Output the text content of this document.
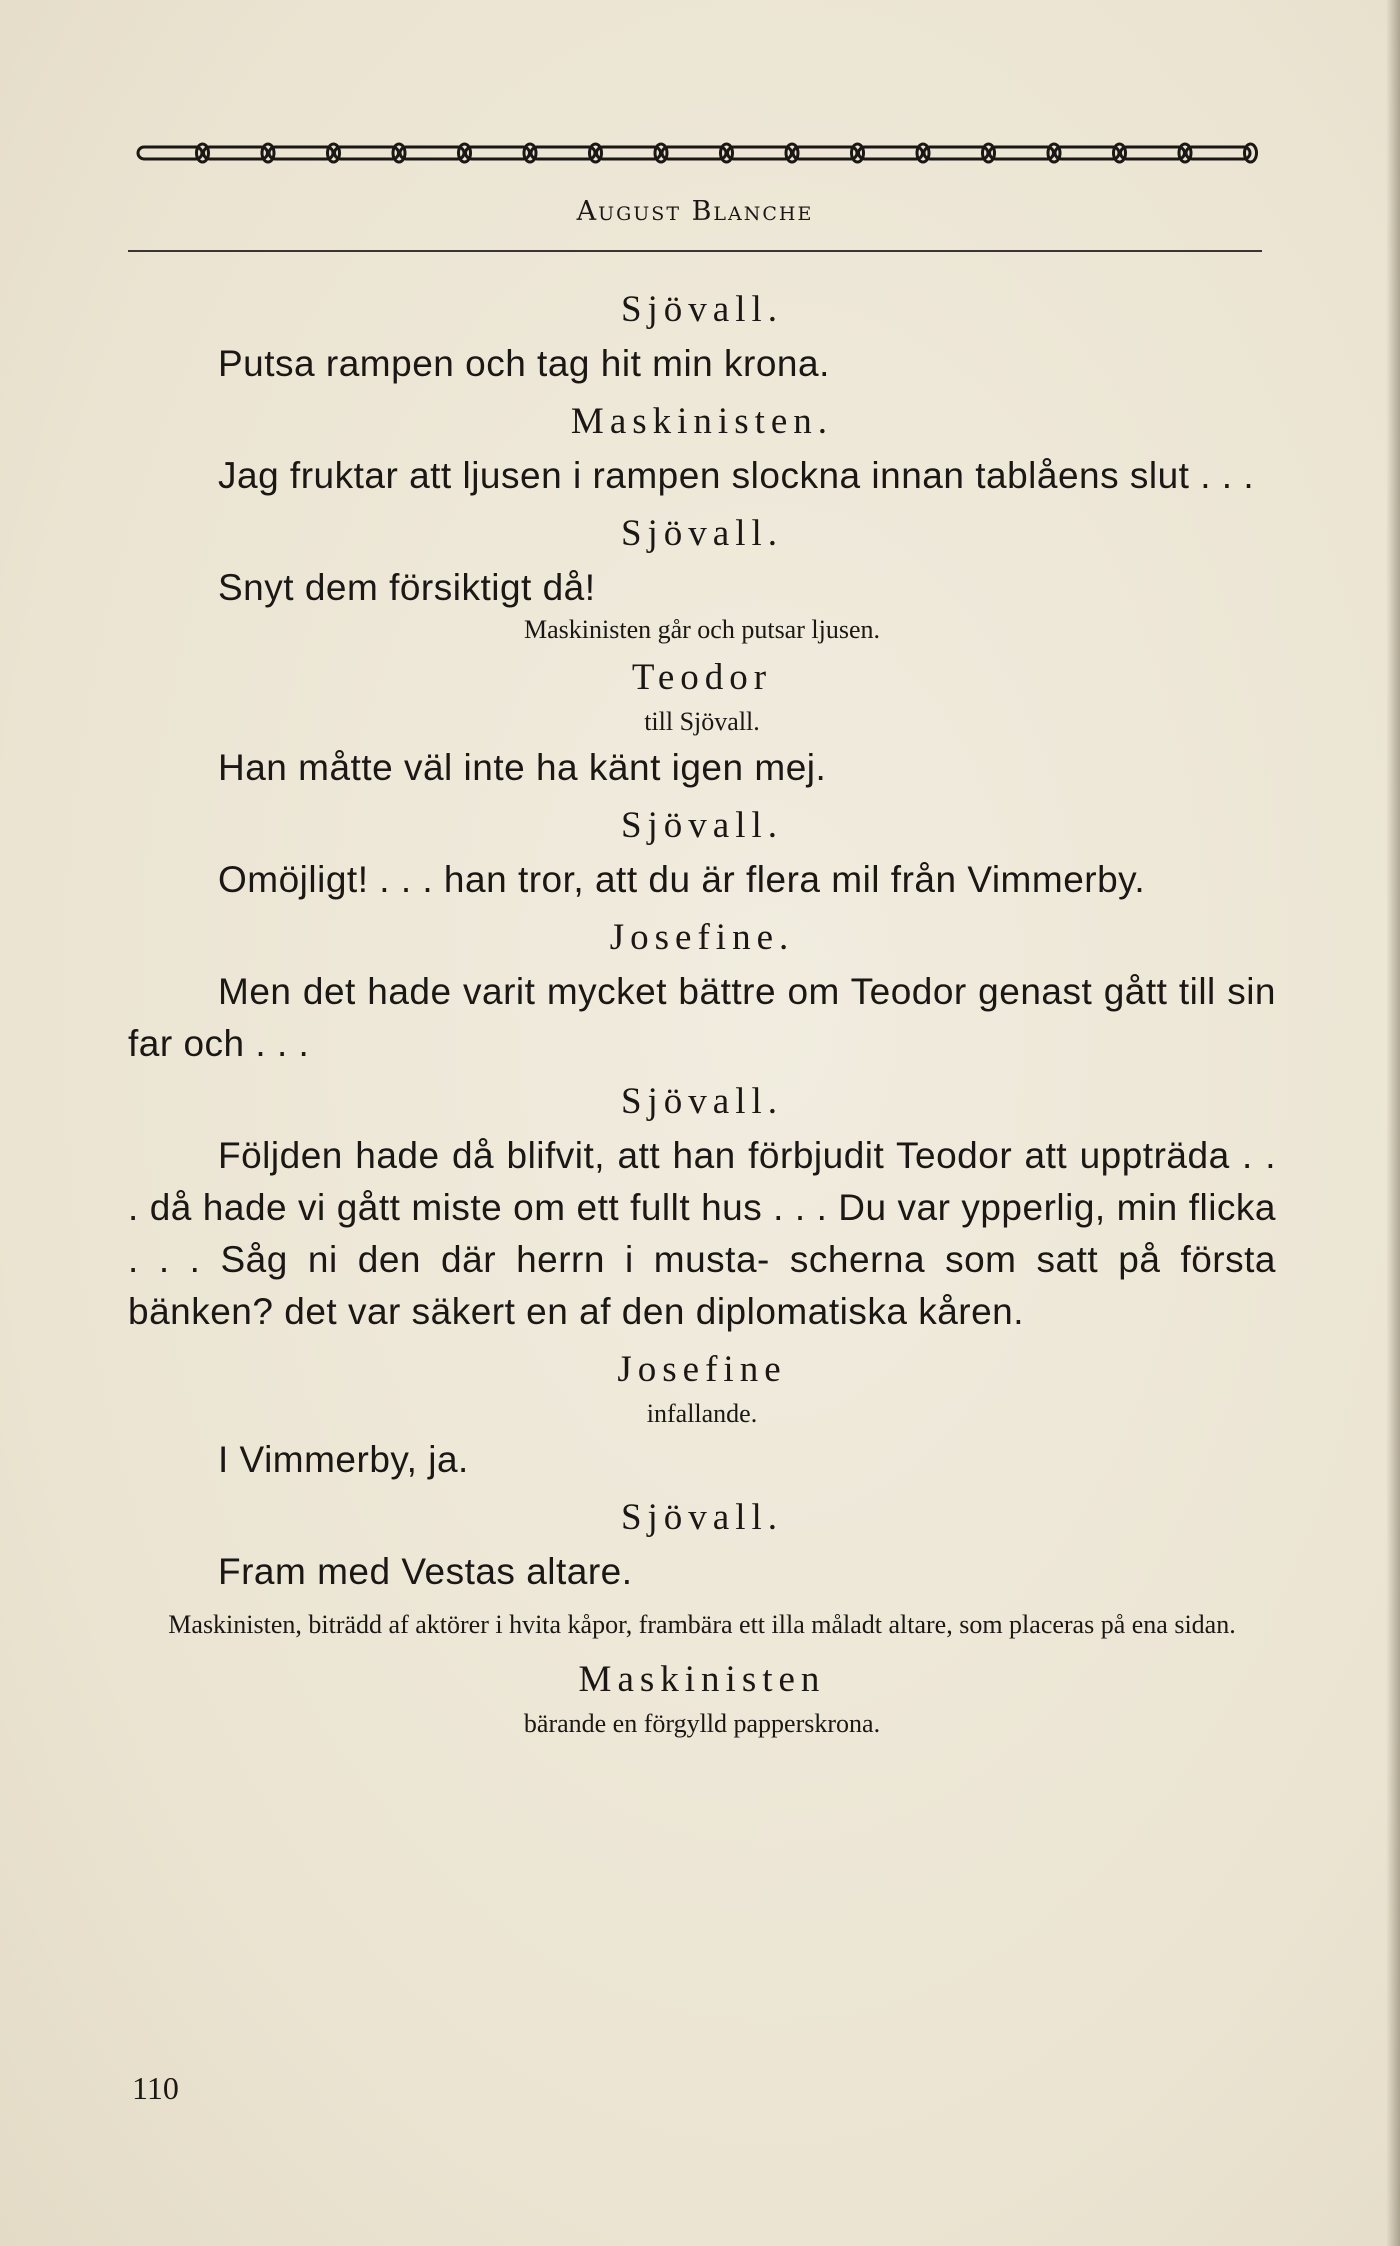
August Blanche

Sjövall.

Putsa rampen och tag hit min krona.

Maskinisten.

Jag fruktar att ljusen i rampen slockna innan tablåens slut . . .

Sjövall.

Snyt dem försiktigt då!

Maskinisten går och putsar ljusen.

Teodor

till Sjövall.

Han måtte väl inte ha känt igen mej.

Sjövall.

Omöjligt! . . . han tror, att du är flera mil från Vimmerby.

Josefine.

Men det hade varit mycket bättre om Teodor genast gått till sin far och . . .

Sjövall.

Följden hade då blifvit, att han förbjudit Teodor att uppträda . . . då hade vi gått miste om ett fullt hus . . . Du var ypperlig, min flicka . . . Såg ni den där herrn i musta- scherna som satt på första bänken? det var säkert en af den diplomatiska kåren.

Josefine

infallande.

I Vimmerby, ja.

Sjövall.

Fram med Vestas altare.

Maskinisten, biträdd af aktörer i hvita kåpor, frambära ett illa måladt altare, som placeras på ena sidan.

Maskinisten

bärande en förgylld papperskrona.

110
